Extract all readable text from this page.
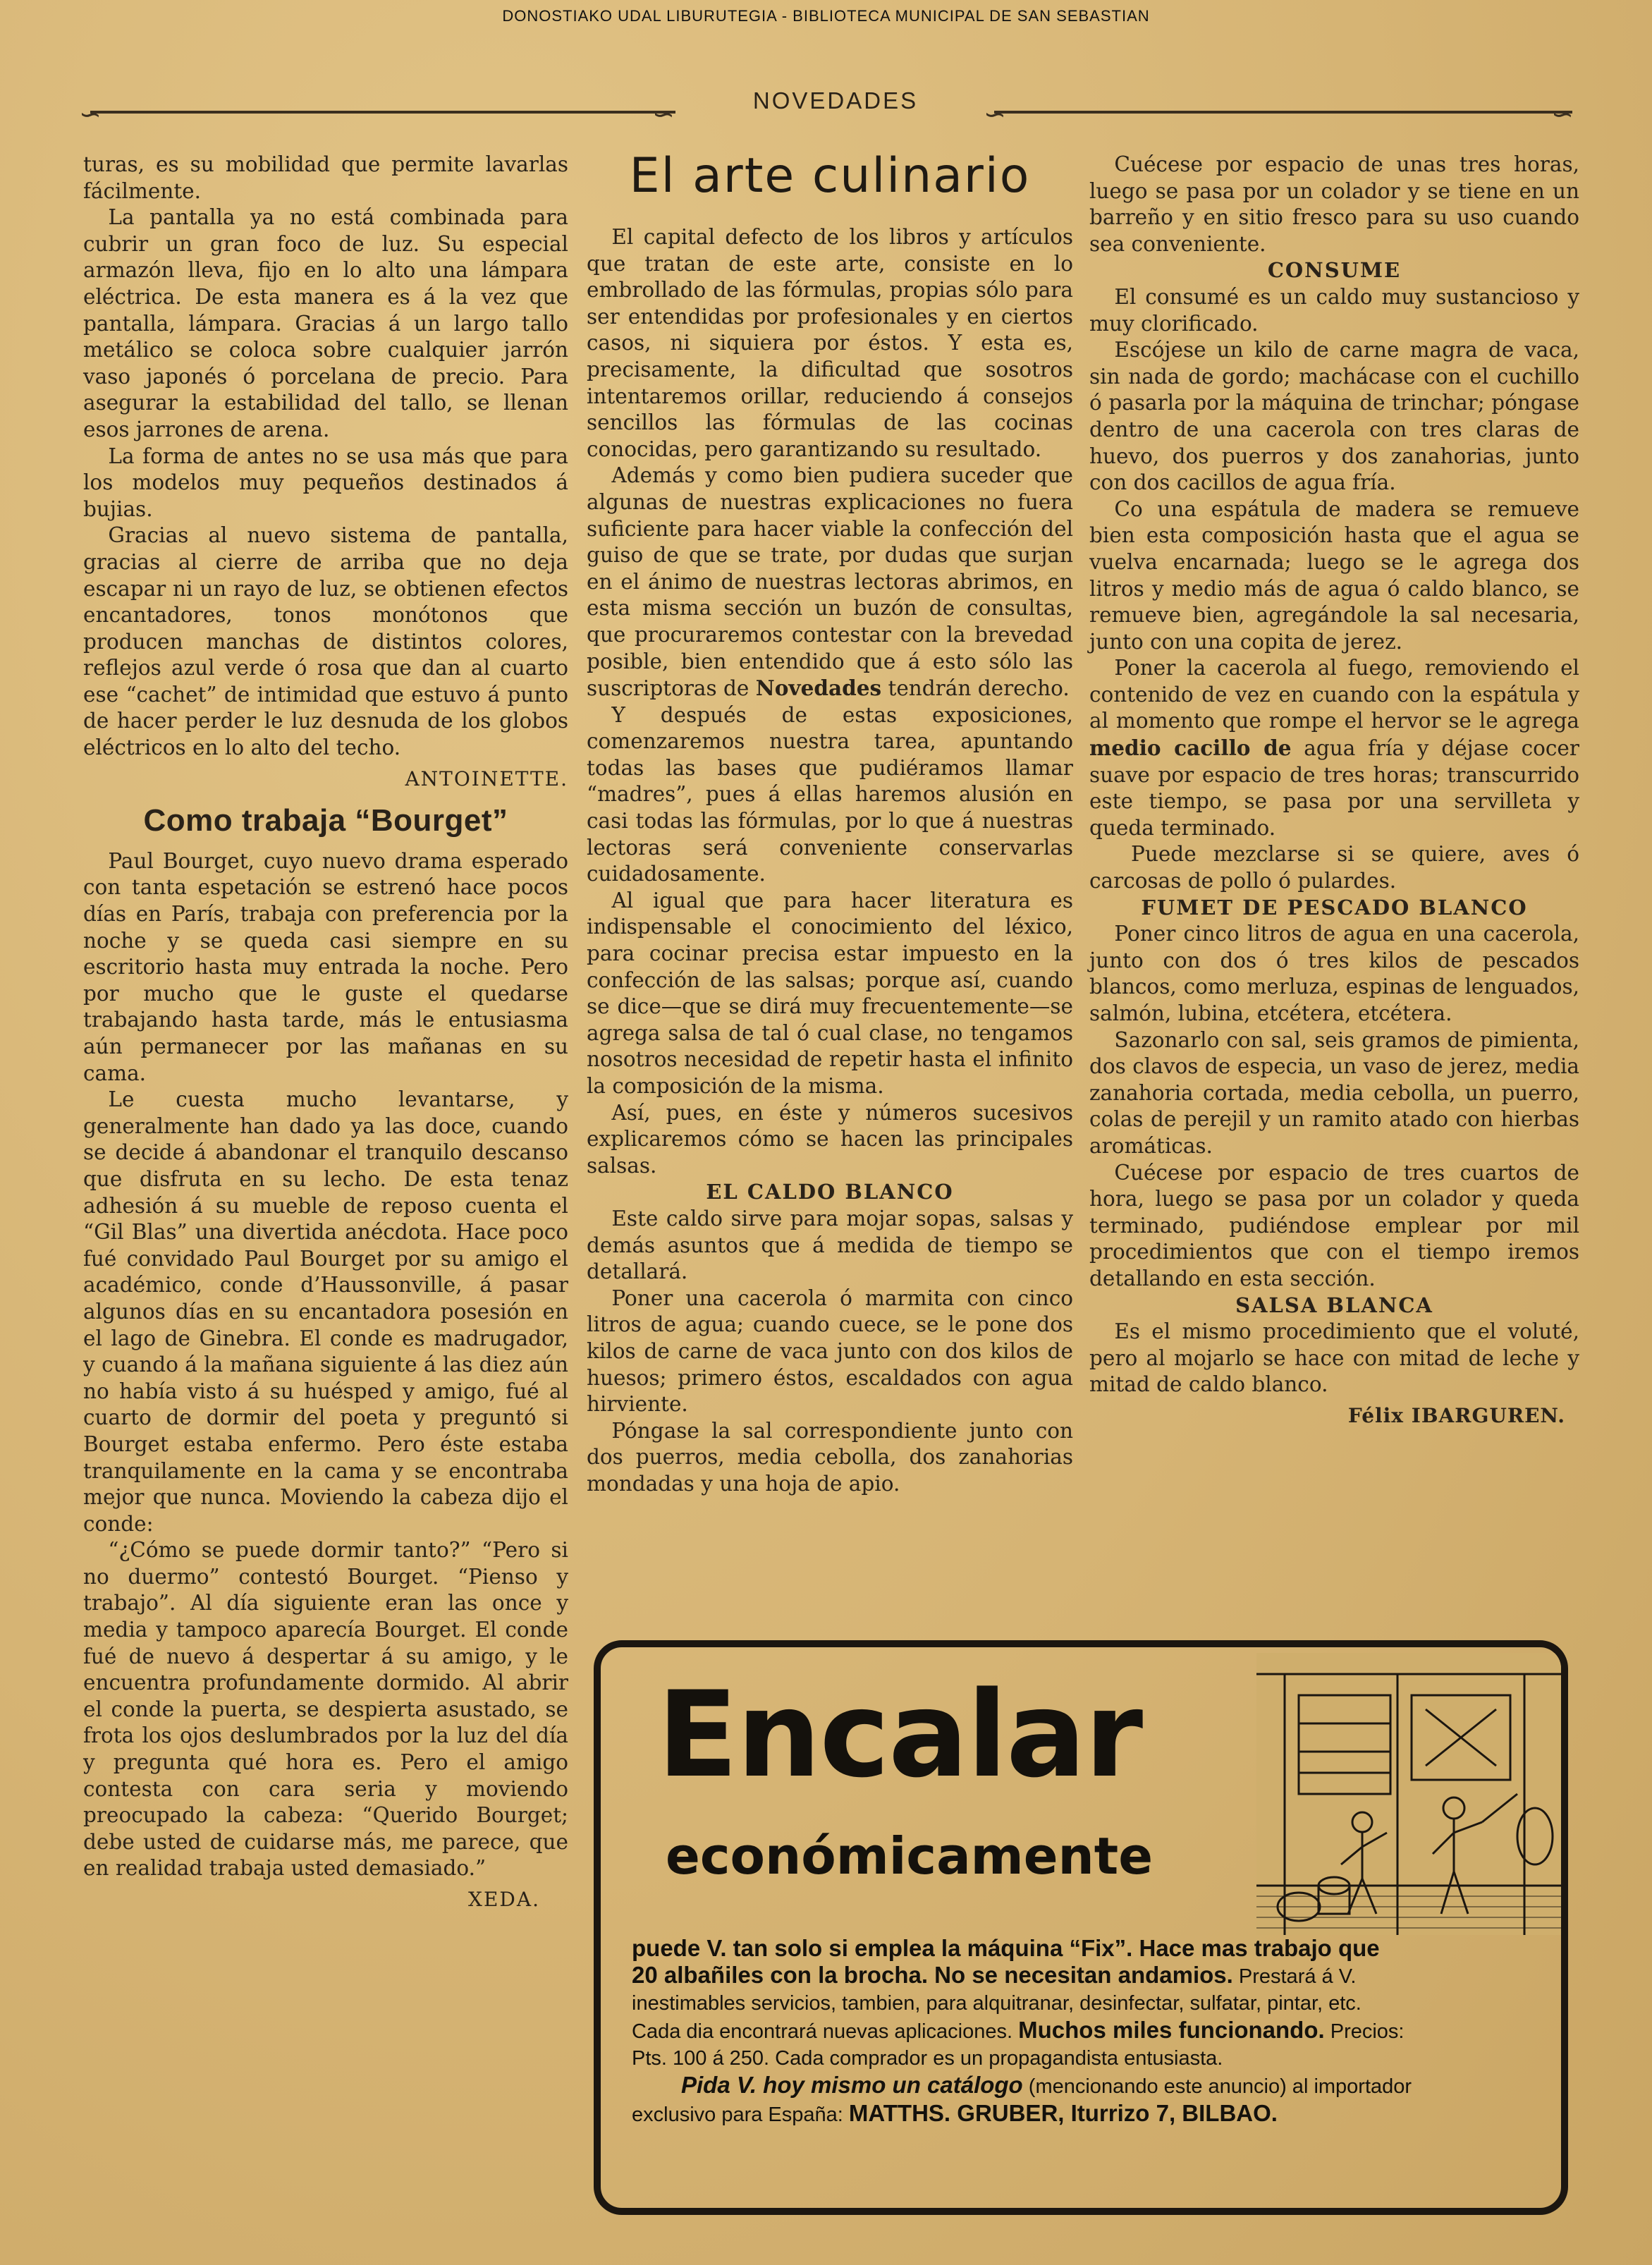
DONOSTIAKO UDAL LIBURUTEGIA - BIBLIOTECA MUNICIPAL DE SAN SEBASTIAN
∽	∽	∽	∽
NOVEDADES

turas, es su mobilidad que permite lavarlas fácilmente.

La pantalla ya no está combinada para cubrir un gran foco de luz. Su especial armazón lleva, fijo en lo alto una lámpara eléctrica. De esta manera es á la vez que pantalla, lámpara. Gracias á un largo tallo metálico se coloca sobre cualquier jarrón vaso japonés ó porcelana de precio. Para asegurar la estabilidad del tallo, se llenan esos jarrones de arena.

La forma de antes no se usa más que para los modelos muy pequeños destinados á bujias.

Gracias al nuevo sistema de pantalla, gracias al cierre de arriba que no deja escapar ni un rayo de luz, se obtienen efectos encantadores, tonos monótonos que producen manchas de distintos colores, reflejos azul verde ó rosa que dan al cuarto ese “cachet” de intimidad que estuvo á punto de hacer perder le luz desnuda de los globos eléctricos en lo alto del techo.

ANTOINETTE.
Como trabaja “Bourget”

Paul Bourget, cuyo nuevo drama esperado con tanta espetación se estrenó hace pocos días en París, trabaja con preferencia por la noche y se queda casi siempre en su escritorio hasta muy entrada la noche. Pero por mucho que le guste el quedarse trabajando hasta tarde, más le entusiasma aún permanecer por las mañanas en su cama.

Le cuesta mucho levantarse, y generalmente han dado ya las doce, cuando se decide á abandonar el tranquilo descanso que disfruta en su lecho. De esta tenaz adhesión á su mueble de reposo cuenta el “Gil Blas” una divertida anécdota. Hace poco fué convidado Paul Bourget por su amigo el académico, conde d’Haussonville, á pasar algunos días en su encantadora posesión en el lago de Ginebra. El conde es madrugador, y cuando á la mañana siguiente á las diez aún no había visto á su huésped y amigo, fué al cuarto de dormir del poeta y preguntó si Bourget estaba enfermo. Pero éste estaba tranquilamente en la cama y se encontraba mejor que nunca. Moviendo la cabeza dijo el conde:

“¿Cómo se puede dormir tanto?” “Pero si no duermo” contestó Bourget. “Pienso y trabajo”. Al día siguiente eran las once y media y tampoco aparecía Bourget. El conde fué de nuevo á despertar á su amigo, y le encuentra profundamente dormido. Al abrir el conde la puerta, se despierta asustado, se frota los ojos deslumbrados por la luz del día y pregunta qué hora es. Pero el amigo contesta con cara seria y moviendo preocupado la cabeza: “Querido Bourget; debe usted de cuidarse más, me parece, que en realidad trabaja usted demasiado.”

XEDA.
El arte culinario

El capital defecto de los libros y artículos que tratan de este arte, consiste en lo embrollado de las fórmulas, propias sólo para ser entendidas por profesionales y en ciertos casos, ni siquiera por éstos. Y esta es, precisamente, la dificultad que sosotros intentaremos orillar, reduciendo á consejos sencillos las fórmulas de las cocinas conocidas, pero garantizando su resultado.

Además y como bien pudiera suceder que algunas de nuestras explicaciones no fuera suficiente para hacer viable la confección del guiso de que se trate, por dudas que surjan en el ánimo de nuestras lectoras abrimos, en esta misma sección un buzón de consultas, que procuraremos contestar con la brevedad posible, bien entendido que á esto sólo las suscriptoras de Novedades tendrán derecho.

Y después de estas exposiciones, comenzaremos nuestra tarea, apuntando todas las bases que pudiéramos llamar “madres”, pues á ellas haremos alusión en casi todas las fórmulas, por lo que á nuestras lectoras será conveniente conservarlas cuidadosamente.

Al igual que para hacer literatura es indispensable el conocimiento del léxico, para cocinar precisa estar impuesto en la confección de las salsas; porque así, cuando se dice—que se dirá muy frecuentemente—se agrega salsa de tal ó cual clase, no tengamos nosotros necesidad de repetir hasta el infinito la composición de la misma.

Así, pues, en éste y números sucesivos explicaremos cómo se hacen las principales salsas.

EL CALDO BLANCO

Este caldo sirve para mojar sopas, salsas y demás asuntos que á medida de tiempo se detallará.

Poner una cacerola ó marmita con cinco litros de agua; cuando cuece, se le pone dos kilos de carne de vaca junto con dos kilos de huesos; primero éstos, escaldados con agua hirviente.

Póngase la sal correspondiente junto con dos puerros, media cebolla, dos zanahorias mondadas y una hoja de apio.

Cuécese por espacio de unas tres horas, luego se pasa por un colador y se tiene en un barreño y en sitio fresco para su uso cuando sea conveniente.

CONSUME

El consumé es un caldo muy sustancioso y muy clorificado.

Escójese un kilo de carne magra de vaca, sin nada de gordo; machácase con el cuchillo ó pasarla por la máquina de trinchar; póngase dentro de una cacerola con tres claras de huevo, dos puerros y dos zanahorias, junto con dos cacillos de agua fría.

Co una espátula de madera se remueve bien esta composición hasta que el agua se vuelva encarnada; luego se le agrega dos litros y medio más de agua ó caldo blanco, se remueve bien, agregándole la sal necesaria, junto con una copita de jerez.

Poner la cacerola al fuego, removiendo el contenido de vez en cuando con la espátula y al momento que rompe el hervor se le agrega medio cacillo de agua fría y déjase cocer suave por espacio de tres horas; transcurrido este tiempo, se pasa por una servilleta y queda terminado.

Puede mezclarse si se quiere, aves ó carcosas de pollo ó pulardes.

FUMET DE PESCADO BLANCO

Poner cinco litros de agua en una cacerola, junto con dos ó tres kilos de pescados blancos, como merluza, espinas de lenguados, salmón, lubina, etcétera, etcétera.

Sazonarlo con sal, seis gramos de pimienta, dos clavos de especia, un vaso de jerez, media zanahoria cortada, media cebolla, un puerro, colas de perejil y un ramito atado con hierbas aromáticas.

Cuécese por espacio de tres cuartos de hora, luego se pasa por un colador y queda terminado, pudiéndose emplear por mil procedimientos que con el tiempo iremos detallando en esta sección.

SALSA BLANCA

Es el mismo procedimiento que el voluté, pero al mojarlo se hace con mitad de leche y mitad de caldo blanco.

Félix IBARGUREN.
Encalar
económicamente
puede V. tan solo si emplea la máquina “Fix”. Hace mas trabajo que
20 albañiles con la brocha. No se necesitan andamios. Prestará á V.
inestimables servicios, tambien, para alquitranar, desinfectar, sulfatar, pintar, etc.
Cada dia encontrará nuevas aplicaciones. Muchos miles funcionando. Precios:
Pts. 100 á 250. Cada comprador es un propagandista entusiasta.
Pida V. hoy mismo un catálogo (mencionando este anuncio) al importador
exclusivo para España: MATTHS. GRUBER, Iturrizo 7, BILBAO.
